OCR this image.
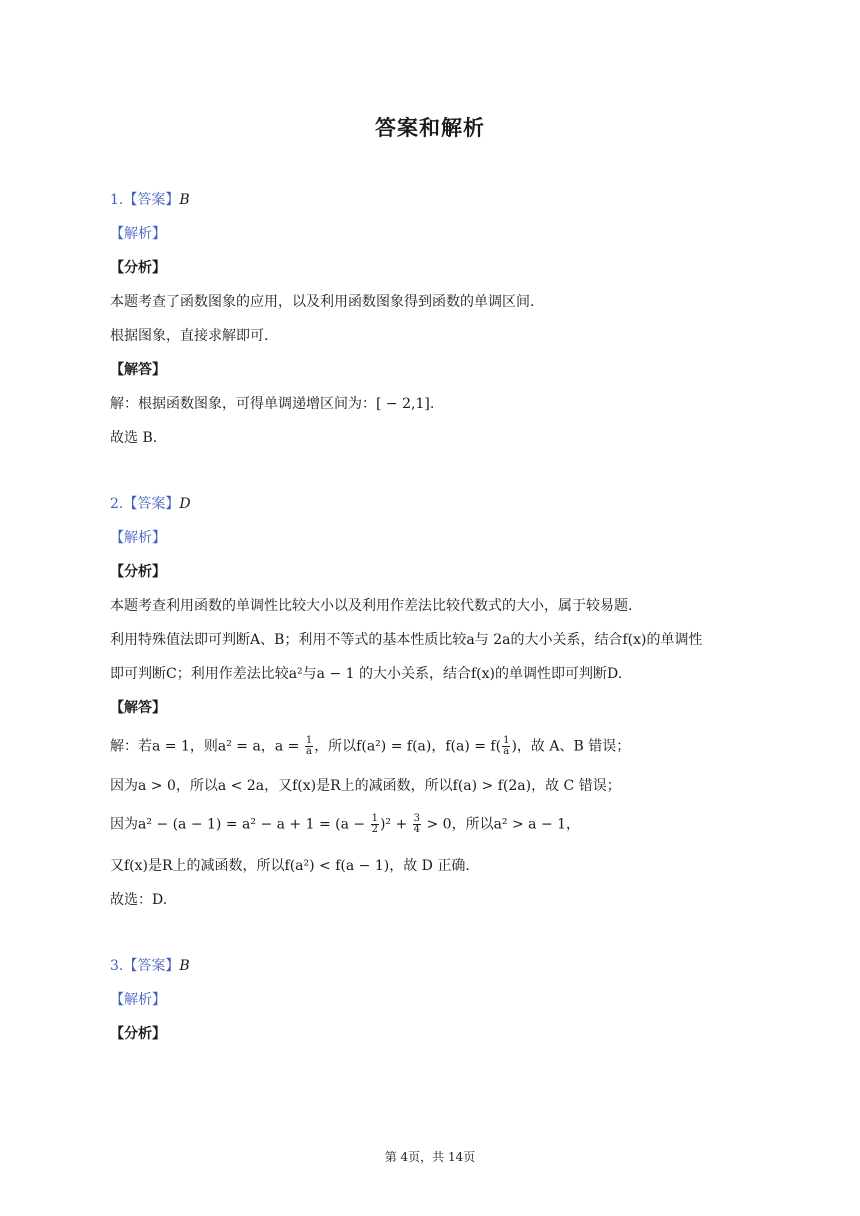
答案和解析
1.【答案】B
【解析】
【分析】
本题考查了函数图象的应用，以及利用函数图象得到函数的单调区间.
根据图象，直接求解即可.
【解答】
解：根据函数图象，可得单调递增区间为：[ − 2,1].
故选 B.
2.【答案】D
【解析】
【分析】
本题考查利用函数的单调性比较大小以及利用作差法比较代数式的大小，属于较易题.
利用特殊值法即可判断A、B；利用不等式的基本性质比较a与 2a的大小关系，结合f(x)的单调性
即可判断C；利用作差法比较a²与a − 1 的大小关系，结合f(x)的单调性即可判断D.
【解答】
解：若a = 1，则a² = a，$a = \frac{1}{a}$ ，所以f(a²) = f(a)，$f(a) = f( \frac{1}{a}$ )，故 A、B 错误；
因为a > 0，所以a < 2a，又f(x)是R上的减函数，所以f(a) > f(2a)，故 C 错误；
因为$a^2 - (a - 1) = a^2 - a + 1 = (a - \frac{1}{2} )^2 + \frac{3}{4} > 0$，所以a² > a − 1，
又f(x)是R上的减函数，所以f(a²) < f(a − 1)，故 D 正确.
故选：D.
3.【答案】B
【解析】
【分析】
第 4页，共 14页
